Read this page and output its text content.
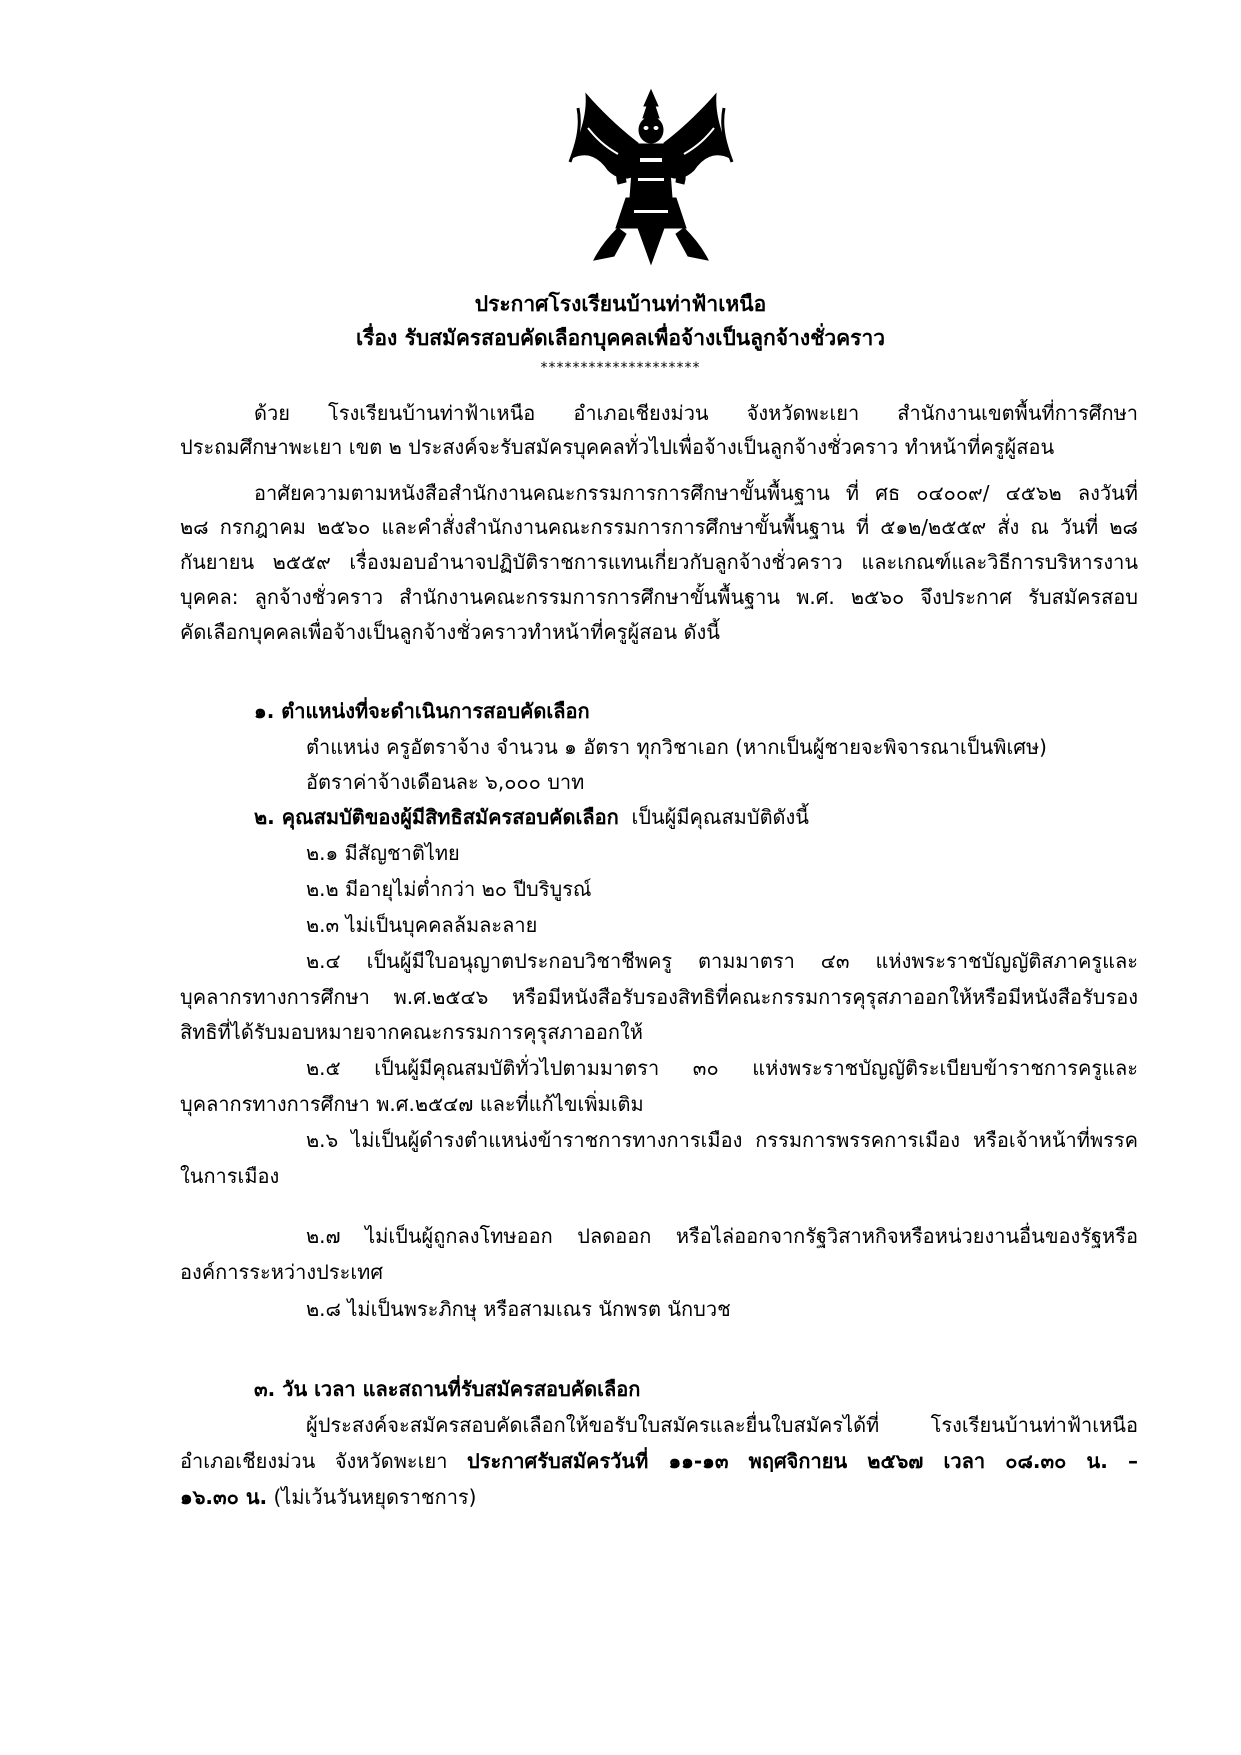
ประกาศโรงเรียนบ้านท่าฟ้าเหนือ
เรื่อง รับสมัครสอบคัดเลือกบุคคลเพื่อจ้างเป็นลูกจ้างชั่วคราว
********************
ด้วย โรงเรียนบ้านท่าฟ้าเหนือ อำเภอเชียงม่วน จังหวัดพะเยา สำนักงานเขตพื้นที่การศึกษา
ประถมศึกษาพะเยา เขต ๒ ประสงค์จะรับสมัครบุคคลทั่วไปเพื่อจ้างเป็นลูกจ้างชั่วคราว ทำหน้าที่ครูผู้สอน
อาศัยความตามหนังสือสำนักงานคณะกรรมการการศึกษาขั้นพื้นฐาน ที่ ศธ ๐๔๐๐๙/ ๔๕๖๒ ลงวันที่
๒๘ กรกฎาคม ๒๕๖๐ และคำสั่งสำนักงานคณะกรรมการการศึกษาขั้นพื้นฐาน ที่ ๕๑๒/๒๕๕๙ สั่ง ณ วันที่ ๒๘
กันยายน ๒๕๕๙ เรื่องมอบอำนาจปฏิบัติราชการแทนเกี่ยวกับลูกจ้างชั่วคราว และเกณฑ์และวิธีการบริหารงาน
บุคคล: ลูกจ้างชั่วคราว สำนักงานคณะกรรมการการศึกษาขั้นพื้นฐาน พ.ศ. ๒๕๖๐ จึงประกาศ รับสมัครสอบ
คัดเลือกบุคคลเพื่อจ้างเป็นลูกจ้างชั่วคราวทำหน้าที่ครูผู้สอน ดังนี้
๑. ตำแหน่งที่จะดำเนินการสอบคัดเลือก
ตำแหน่ง ครูอัตราจ้าง จำนวน ๑ อัตรา ทุกวิชาเอก (หากเป็นผู้ชายจะพิจารณาเป็นพิเศษ)
อัตราค่าจ้างเดือนละ ๖,๐๐๐ บาท
๒. คุณสมบัติของผู้มีสิทธิสมัครสอบคัดเลือก เป็นผู้มีคุณสมบัติดังนี้
๒.๑ มีสัญชาติไทย
๒.๒ มีอายุไม่ต่ำกว่า ๒๐ ปีบริบูรณ์
๒.๓ ไม่เป็นบุคคลล้มละลาย
๒.๔ เป็นผู้มีใบอนุญาตประกอบวิชาชีพครู ตามมาตรา ๔๓ แห่งพระราชบัญญัติสภาครูและ
บุคลากรทางการศึกษา พ.ศ.๒๕๔๖ หรือมีหนังสือรับรองสิทธิที่คณะกรรมการคุรุสภาออกให้หรือมีหนังสือรับรอง
สิทธิที่ได้รับมอบหมายจากคณะกรรมการคุรุสภาออกให้
๒.๕ เป็นผู้มีคุณสมบัติทั่วไปตามมาตรา ๓๐ แห่งพระราชบัญญัติระเบียบข้าราชการครูและ
บุคลากรทางการศึกษา พ.ศ.๒๕๔๗ และที่แก้ไขเพิ่มเติม
๒.๖ ไม่เป็นผู้ดำรงตำแหน่งข้าราชการทางการเมือง กรรมการพรรคการเมือง หรือเจ้าหน้าที่พรรค
ในการเมือง
๒.๗ ไม่เป็นผู้ถูกลงโทษออก ปลดออก หรือไล่ออกจากรัฐวิสาหกิจหรือหน่วยงานอื่นของรัฐหรือ
องค์การระหว่างประเทศ
๒.๘ ไม่เป็นพระภิกษุ หรือสามเณร นักพรต นักบวช
๓. วัน เวลา และสถานที่รับสมัครสอบคัดเลือก
ผู้ประสงค์จะสมัครสอบคัดเลือกให้ขอรับใบสมัครและยื่นใบสมัครได้ที่ โรงเรียนบ้านท่าฟ้าเหนือ
อำเภอเชียงม่วน จังหวัดพะเยา ประกาศรับสมัครวันที่ ๑๑-๑๓ พฤศจิกายน ๒๕๖๗ เวลา ๐๘.๓๐ น. –
๑๖.๓๐ น. (ไม่เว้นวันหยุดราชการ)
